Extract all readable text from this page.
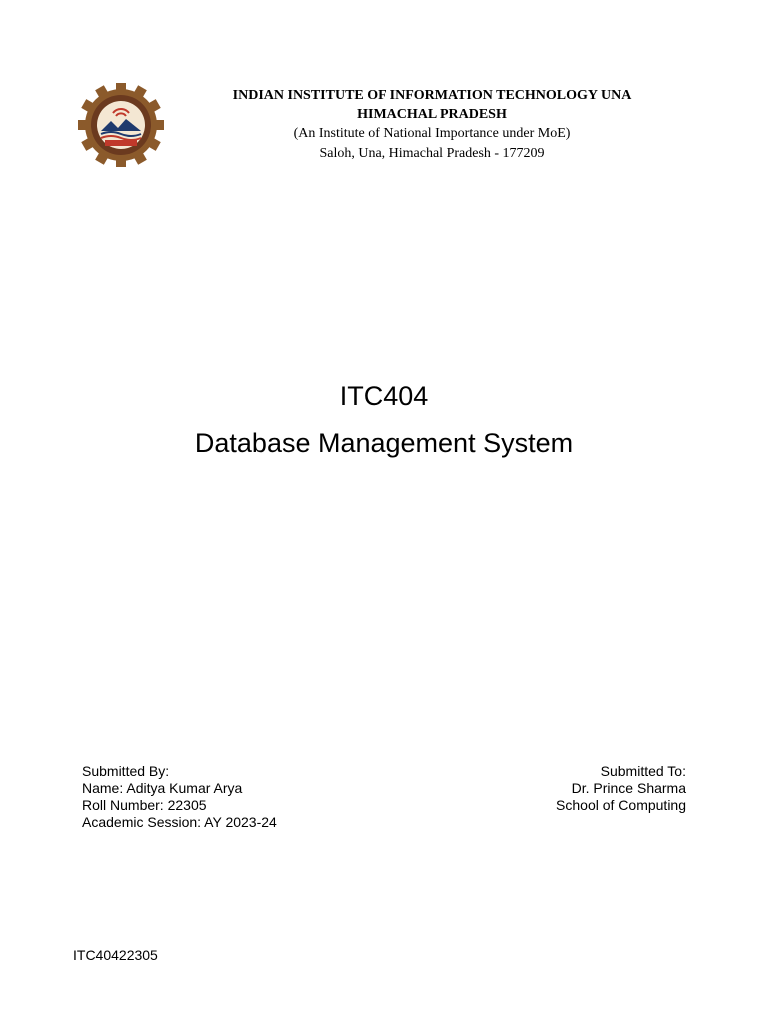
INDIAN INSTITUTE OF INFORMATION TECHNOLOGY UNA

HIMACHAL PRADESH

(An Institute of National Importance under MoE)

Saloh, Una, Himachal Pradesh - 177209

ITC404
Database Management System
Submitted By:
Name: Aditya Kumar Arya
Roll Number: 22305
Academic Session: AY 2023-24
Submitted To:
Dr. Prince Sharma
School of Computing
ITC40422305
